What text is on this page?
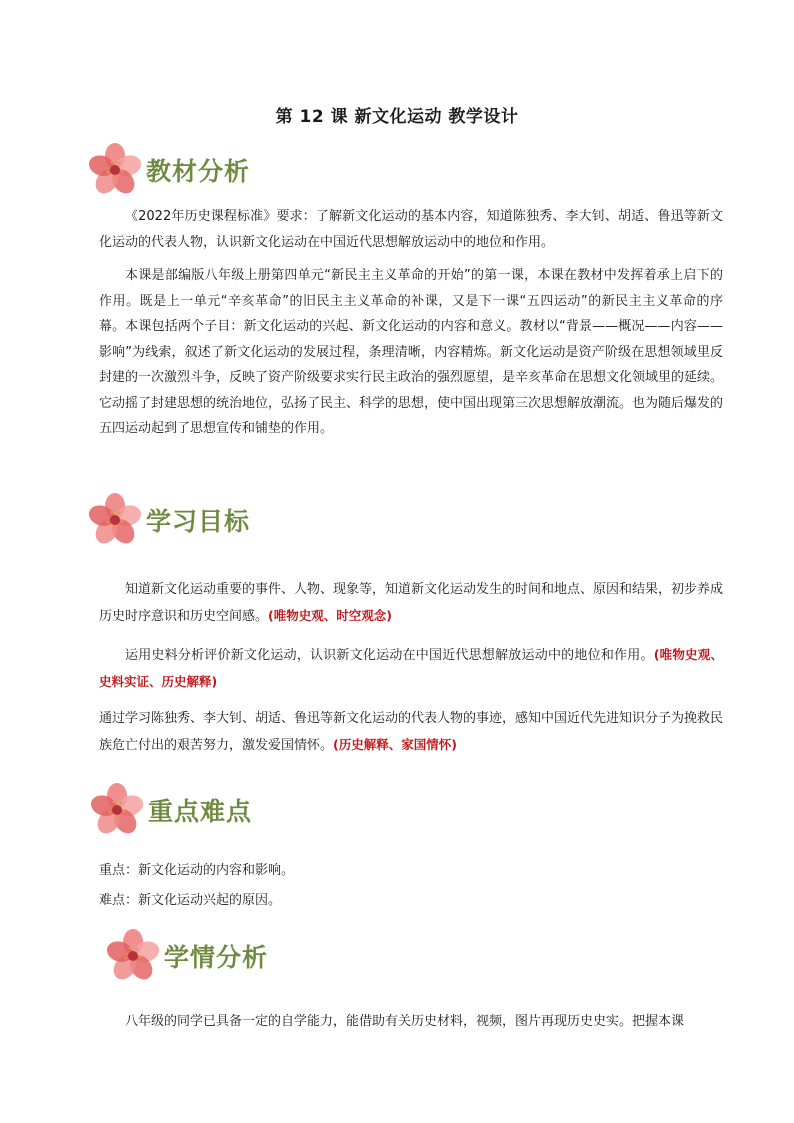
第 12 课 新文化运动 教学设计
教材分析

《2022年历史课程标准》要求：了解新文化运动的基本内容，知道陈独秀、李大钊、胡适、鲁迅等新文化运动的代表人物，认识新文化运动在中国近代思想解放运动中的地位和作用。

本课是部编版八年级上册第四单元“新民主主义革命的开始”的第一课，本课在教材中发挥着承上启下的作用。既是上一单元“辛亥革命”的旧民主主义革命的补课，又是下一课“五四运动”的新民主主义革命的序幕。本课包括两个子目：新文化运动的兴起、新文化运动的内容和意义。教材以“背景——概况——内容——影响”为线索，叙述了新文化运动的发展过程，条理清晰，内容精炼。新文化运动是资产阶级在思想领域里反封建的一次激烈斗争，反映了资产阶级要求实行民主政治的强烈愿望，是辛亥革命在思想文化领域里的延续。它动摇了封建思想的统治地位，弘扬了民主、科学的思想，使中国出现第三次思想解放潮流。也为随后爆发的五四运动起到了思想宣传和铺垫的作用。

学习目标

知道新文化运动重要的事件、人物、现象等，知道新文化运动发生的时间和地点、原因和结果，初步养成历史时序意识和历史空间感。(唯物史观、时空观念)

运用史料分析评价新文化运动，认识新文化运动在中国近代思想解放运动中的地位和作用。(唯物史观、史料实证、历史解释)

通过学习陈独秀、李大钊、胡适、鲁迅等新文化运动的代表人物的事迹，感知中国近代先进知识分子为挽救民族危亡付出的艰苦努力，激发爱国情怀。(历史解释、家国情怀)

重点难点

重点：新文化运动的内容和影响。

难点：新文化运动兴起的原因。

学情分析

八年级的同学已具备一定的自学能力，能借助有关历史材料，视频，图片再现历史史实。把握本课
